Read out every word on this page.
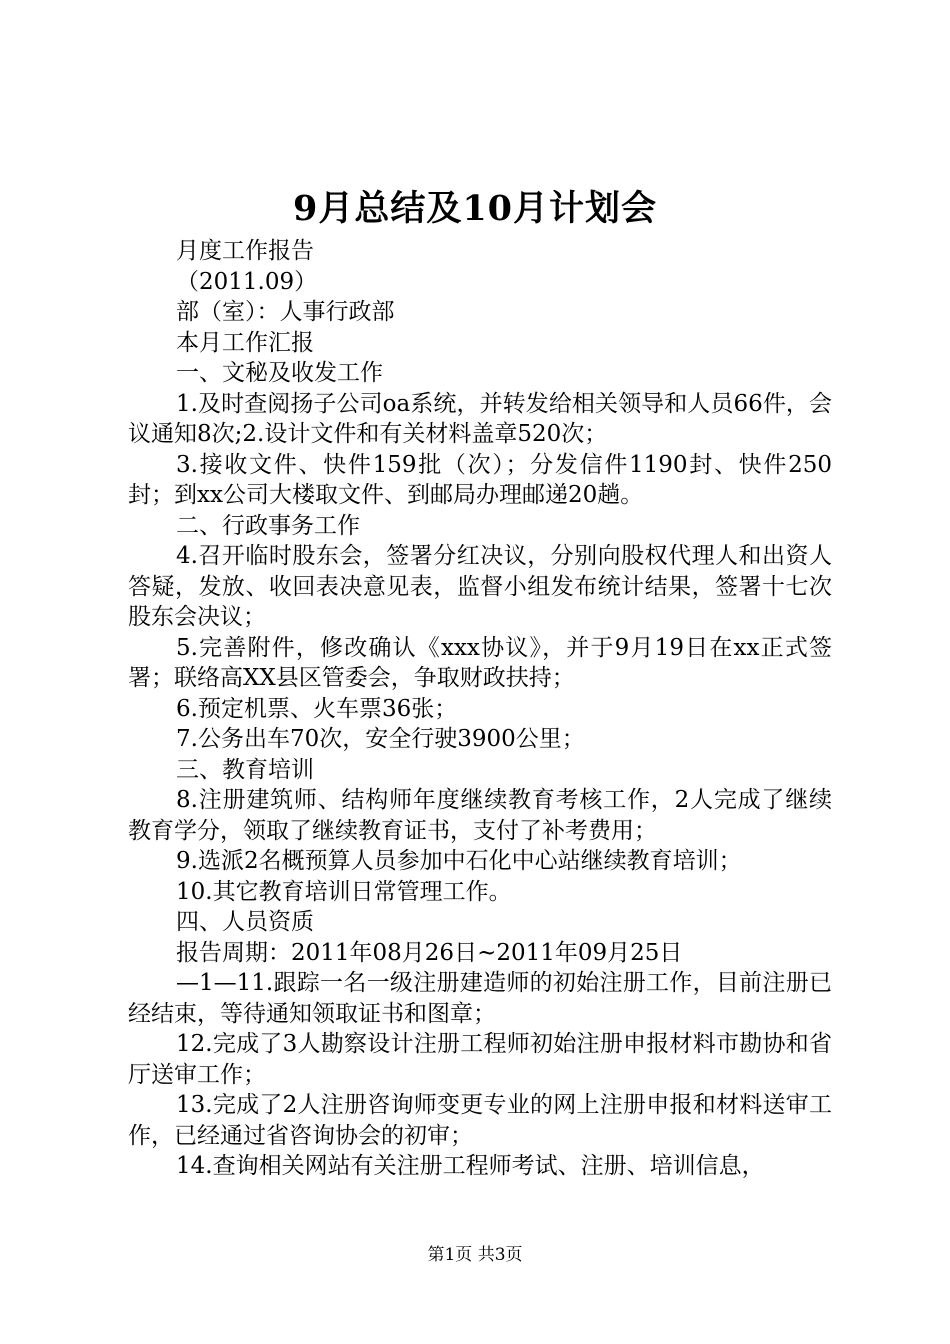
9月总结及10月计划会

月度工作报告

（2011.09）

部（室）：人事行政部

本月工作汇报

一、文秘及收发工作

1.及时查阅扬子公司oa系统，并转发给相关领导和人员66件，会议通知8次;2.设计文件和有关材料盖章520次；

3.接收文件、快件159批（次）；分发信件1190封、快件250封；到xx公司大楼取文件、到邮局办理邮递20趟。

二、行政事务工作

4.召开临时股东会，签署分红决议，分别向股权代理人和出资人答疑，发放、收回表决意见表，监督小组发布统计结果，签署十七次股东会决议；

5.完善附件，修改确认《xxx协议》，并于9月19日在xx正式签署；联络高XX县区管委会，争取财政扶持；

6.预定机票、火车票36张；

7.公务出车70次，安全行驶3900公里；

三、教育培训

8.注册建筑师、结构师年度继续教育考核工作，2人完成了继续教育学分，领取了继续教育证书，支付了补考费用；

9.选派2名概预算人员参加中石化中心站继续教育培训；

10.其它教育培训日常管理工作。

四、人员资质

报告周期：2011年08月26日~2011年09月25日

—1—11.跟踪一名一级注册建造师的初始注册工作，目前注册已经结束，等待通知领取证书和图章；

12.完成了3人勘察设计注册工程师初始注册申报材料市勘协和省厅送审工作；

13.完成了2人注册咨询师变更专业的网上注册申报和材料送审工作，已经通过省咨询协会的初审；

14.查询相关网站有关注册工程师考试、注册、培训信息，

第1页 共3页
